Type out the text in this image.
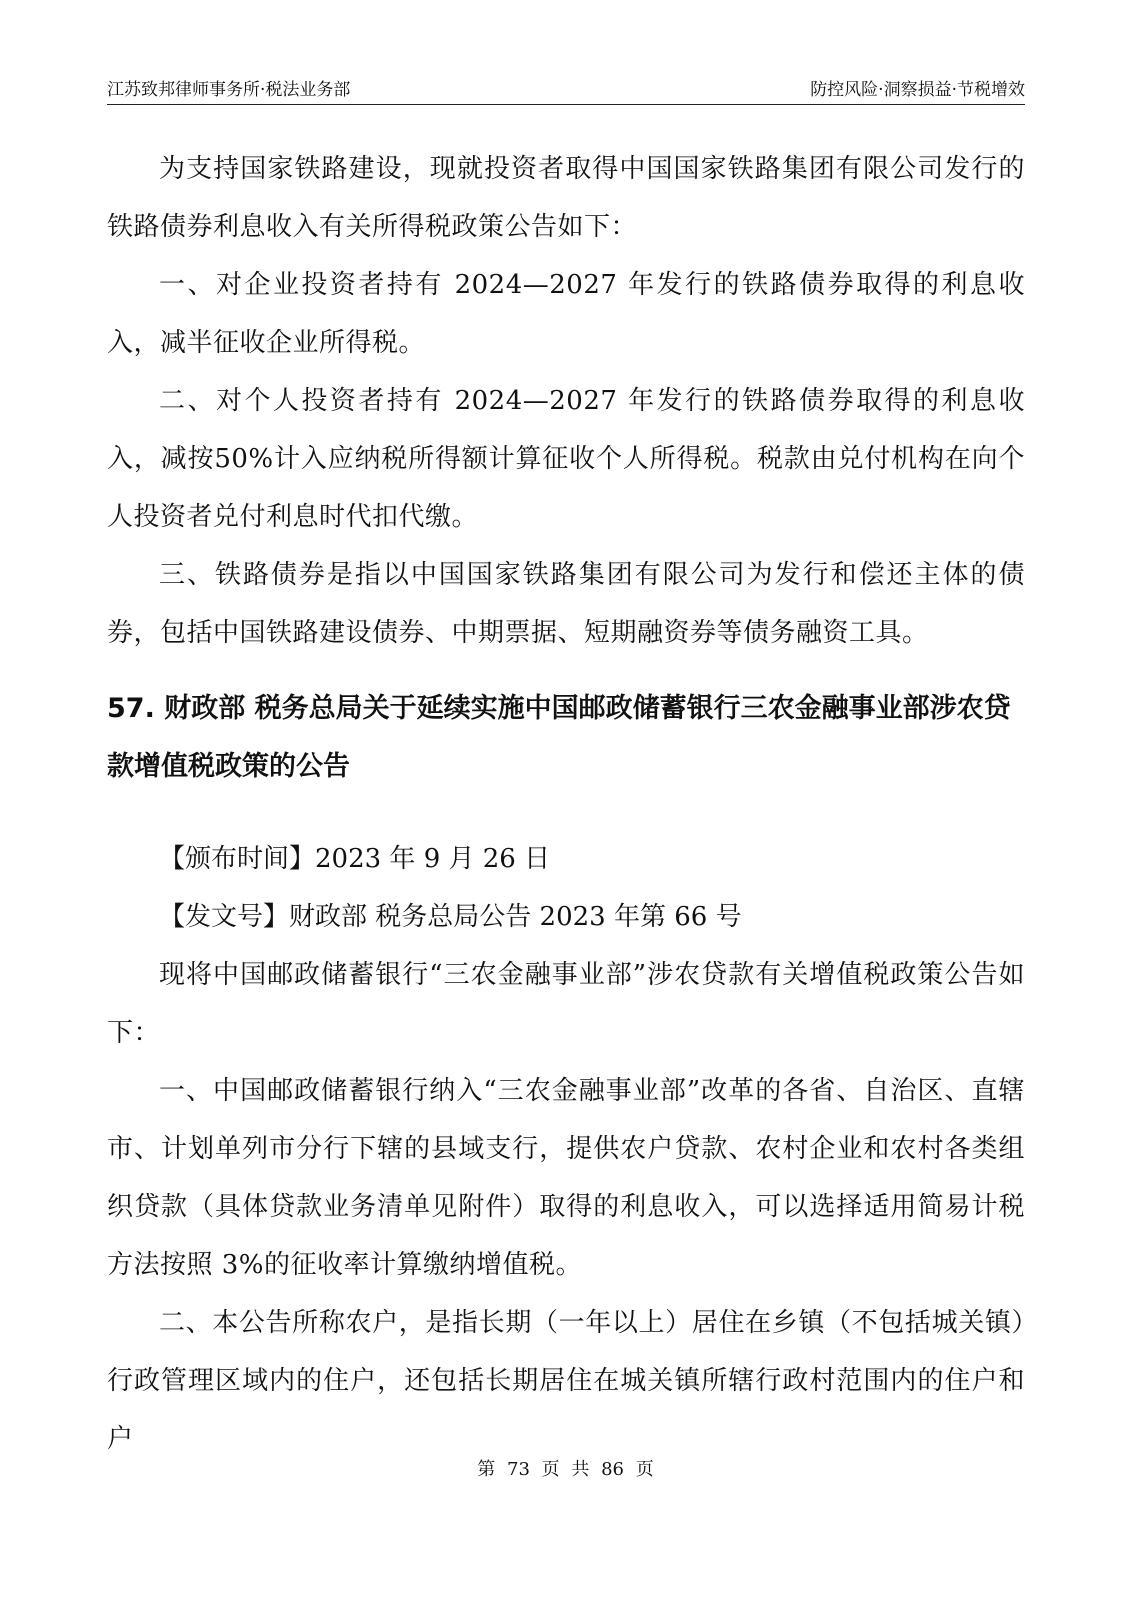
江苏致邦律师事务所·税法业务部	防控风险·洞察损益·节税增效

为支持国家铁路建设，现就投资者取得中国国家铁路集团有限公司发行的铁路债券利息收入有关所得税政策公告如下：

一、对企业投资者持有 2024—2027 年发行的铁路债券取得的利息收入，减半征收企业所得税。

二、对个人投资者持有 2024—2027 年发行的铁路债券取得的利息收入，减按50%计入应纳税所得额计算征收个人所得税。税款由兑付机构在向个人投资者兑付利息时代扣代缴。

三、铁路债券是指以中国国家铁路集团有限公司为发行和偿还主体的债券，包括中国铁路建设债券、中期票据、短期融资券等债务融资工具。

57. 财政部 税务总局关于延续实施中国邮政储蓄银行三农金融事业部涉农贷款增值税政策的公告

【颁布时间】2023 年 9 月 26 日

【发文号】财政部 税务总局公告 2023 年第 66 号

现将中国邮政储蓄银行“三农金融事业部”涉农贷款有关增值税政策公告如下：

一、中国邮政储蓄银行纳入“三农金融事业部”改革的各省、自治区、直辖市、计划单列市分行下辖的县域支行，提供农户贷款、农村企业和农村各类组织贷款（具体贷款业务清单见附件）取得的利息收入，可以选择适用简易计税方法按照 3%的征收率计算缴纳增值税。

二、本公告所称农户，是指长期（一年以上）居住在乡镇（不包括城关镇）行政管理区域内的住户，还包括长期居住在城关镇所辖行政村范围内的住户和户

第 73 页 共 86 页
